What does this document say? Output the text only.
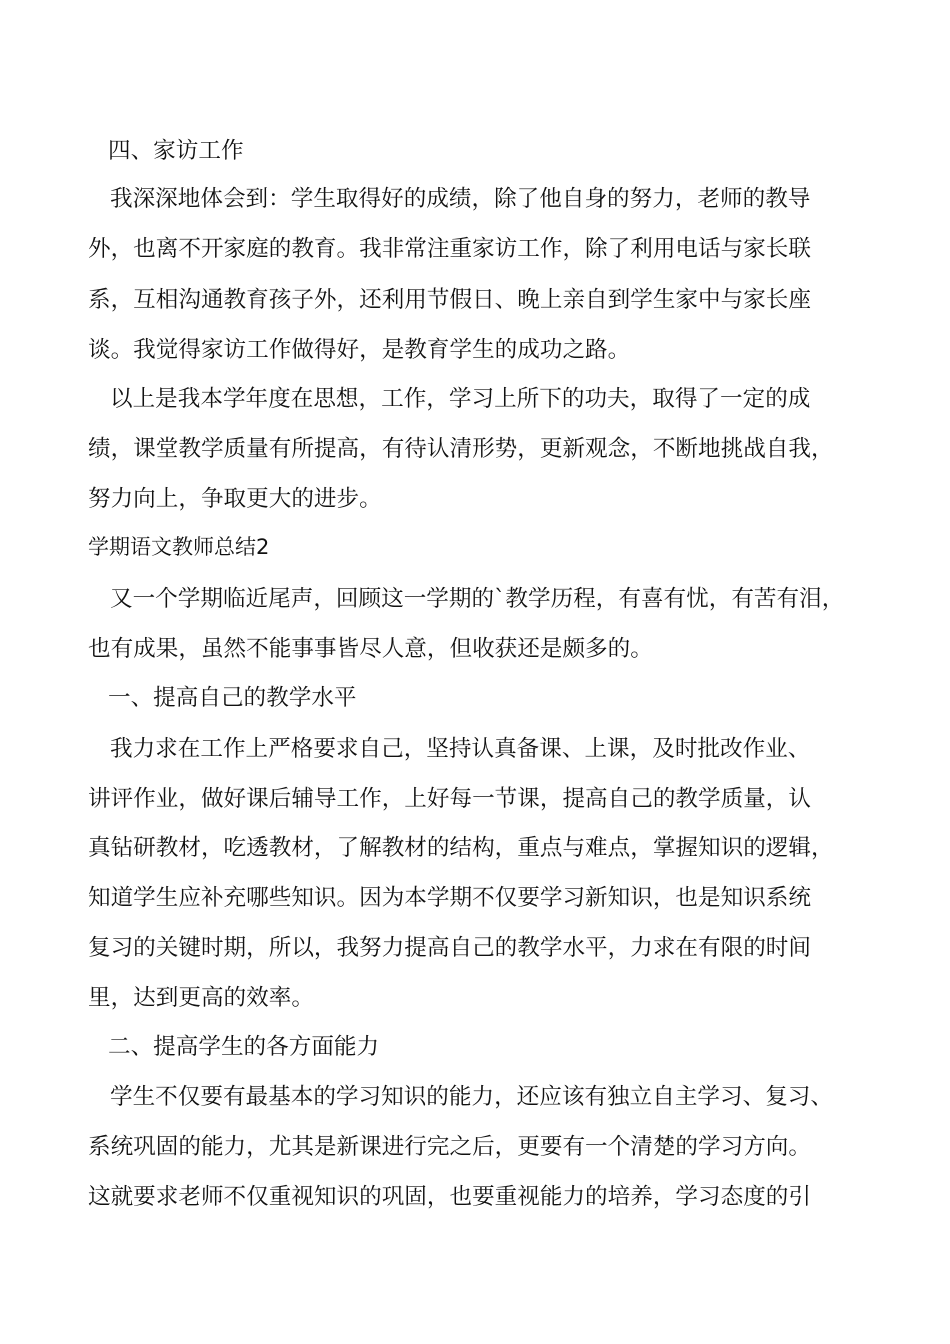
四、家访工作
我深深地体会到：学生取得好的成绩，除了他自身的努力，老师的教导
外，也离不开家庭的教育。我非常注重家访工作，除了利用电话与家长联
系，互相沟通教育孩子外，还利用节假日、晚上亲自到学生家中与家长座
谈。我觉得家访工作做得好，是教育学生的成功之路。
以上是我本学年度在思想，工作，学习上所下的功夫，取得了一定的成
绩，课堂教学质量有所提高，有待认清形势，更新观念，不断地挑战自我，
努力向上，争取更大的进步。
学期语文教师总结2
又一个学期临近尾声，回顾这一学期的`教学历程，有喜有忧，有苦有泪，
也有成果，虽然不能事事皆尽人意，但收获还是颇多的。
一、提高自己的教学水平
我力求在工作上严格要求自己，坚持认真备课、上课，及时批改作业、
讲评作业，做好课后辅导工作，上好每一节课，提高自己的教学质量，认
真钻研教材，吃透教材，了解教材的结构，重点与难点，掌握知识的逻辑，
知道学生应补充哪些知识。因为本学期不仅要学习新知识，也是知识系统
复习的关键时期，所以，我努力提高自己的教学水平，力求在有限的时间
里，达到更高的效率。
二、提高学生的各方面能力
学生不仅要有最基本的学习知识的能力，还应该有独立自主学习、复习、
系统巩固的能力，尤其是新课进行完之后，更要有一个清楚的学习方向。
这就要求老师不仅重视知识的巩固，也要重视能力的培养，学习态度的引
